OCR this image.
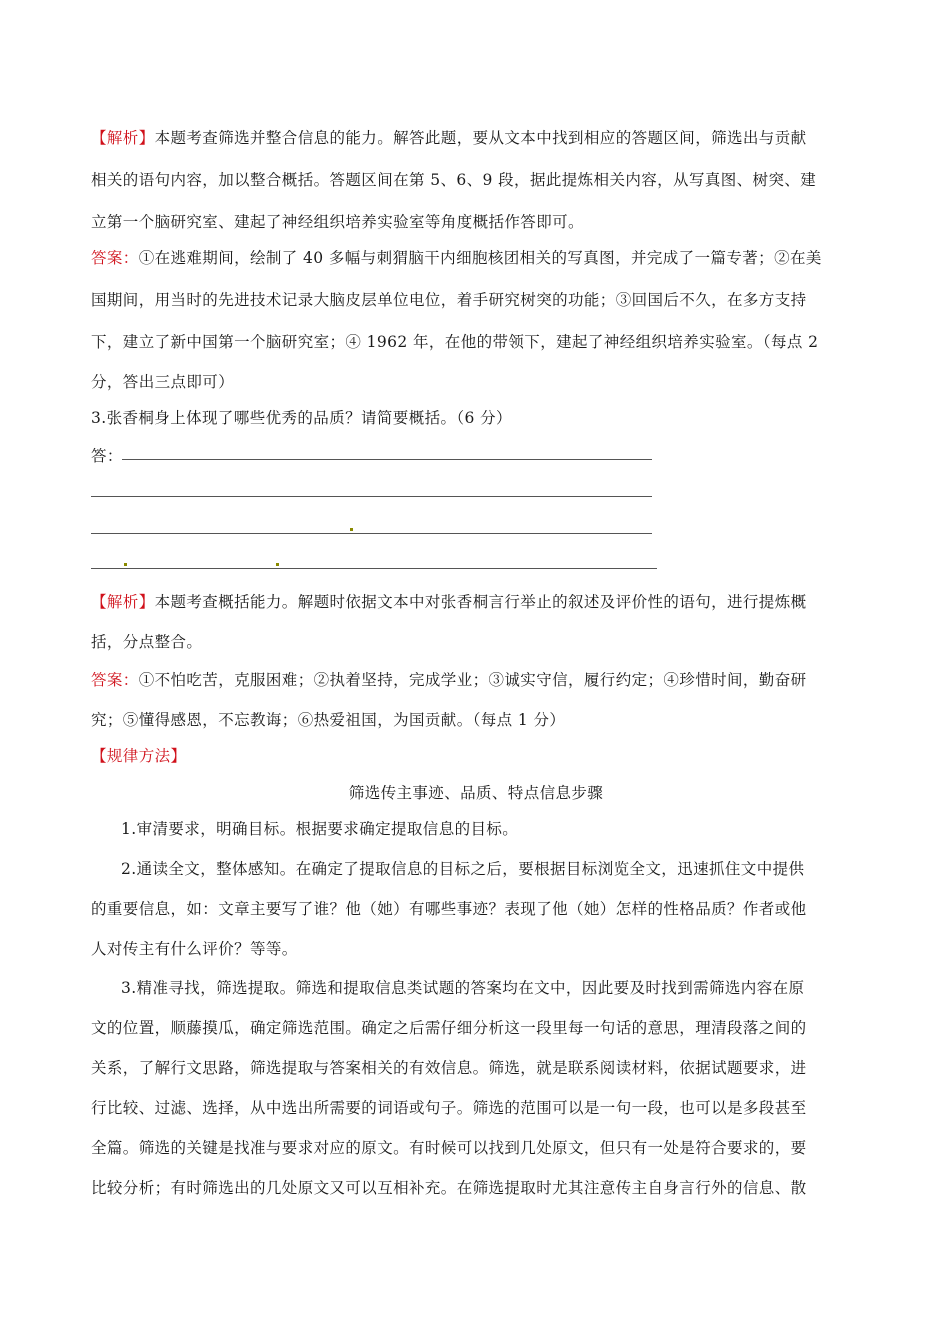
【解析】本题考查筛选并整合信息的能力。解答此题，要从文本中找到相应的答题区间，筛选出与贡献
相关的语句内容，加以整合概括。答题区间在第 5、6、9 段，据此提炼相关内容，从写真图、树突、建
立第一个脑研究室、建起了神经组织培养实验室等角度概括作答即可。
答案：①在逃难期间，绘制了 40 多幅与刺猬脑干内细胞核团相关的写真图，并完成了一篇专著；②在美
国期间，用当时的先进技术记录大脑皮层单位电位，着手研究树突的功能；③回国后不久，在多方支持
下，建立了新中国第一个脑研究室；④ 1962 年，在他的带领下，建起了神经组织培养实验室。（每点 2
分，答出三点即可）
3.张香桐身上体现了哪些优秀的品质？请简要概括。（6 分）
答：
【解析】本题考查概括能力。解题时依据文本中对张香桐言行举止的叙述及评价性的语句，进行提炼概
括，分点整合。
答案：①不怕吃苦，克服困难；②执着坚持，完成学业；③诚实守信，履行约定；④珍惜时间，勤奋研
究；⑤懂得感恩，不忘教诲；⑥热爱祖国，为国贡献。（每点 1 分）
【规律方法】
筛选传主事迹、品质、特点信息步骤
1.审清要求，明确目标。根据要求确定提取信息的目标。
2.通读全文，整体感知。在确定了提取信息的目标之后，要根据目标浏览全文，迅速抓住文中提供
的重要信息，如：文章主要写了谁？他（她）有哪些事迹？表现了他（她）怎样的性格品质？作者或他
人对传主有什么评价？等等。
3.精准寻找，筛选提取。筛选和提取信息类试题的答案均在文中，因此要及时找到需筛选内容在原
文的位置，顺藤摸瓜，确定筛选范围。确定之后需仔细分析这一段里每一句话的意思，理清段落之间的
关系，了解行文思路，筛选提取与答案相关的有效信息。筛选，就是联系阅读材料，依据试题要求，进
行比较、过滤、选择，从中选出所需要的词语或句子。筛选的范围可以是一句一段，也可以是多段甚至
全篇。筛选的关键是找准与要求对应的原文。有时候可以找到几处原文，但只有一处是符合要求的，要
比较分析；有时筛选出的几处原文又可以互相补充。在筛选提取时尤其注意传主自身言行外的信息、散
